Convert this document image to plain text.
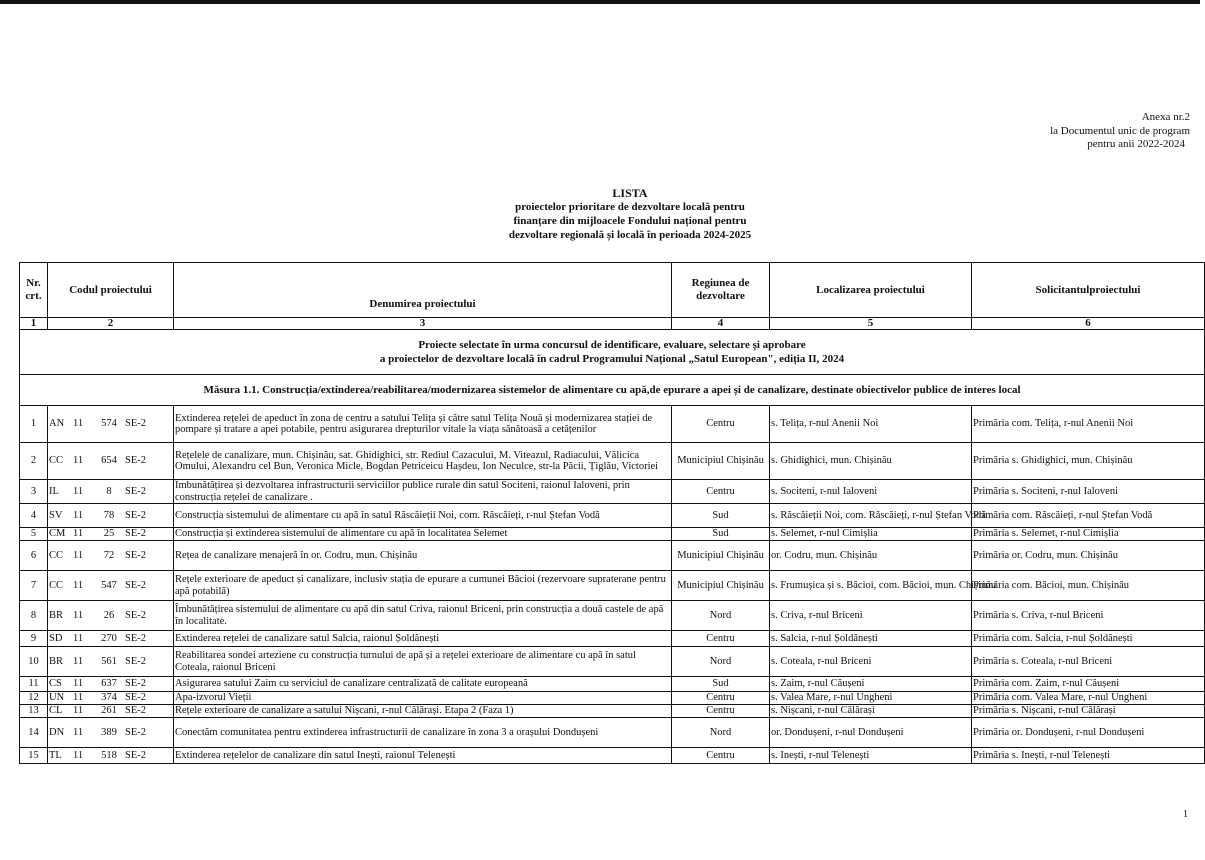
Anexa nr.2
la Documentul unic de program
pentru anii 2022-2024
LISTA
proiectelor prioritare de dezvoltare locală pentru
finanțare din mijloacele Fondului național pentru
dezvoltare regională și locală în perioada 2024-2025
Nr. crt.	Codul proiectului	Denumirea proiectului	Regiunea de dezvoltare	Localizarea proiectului	Solicitantulproiectului
1	2	3	4	5	6

Proiecte selectate în urma concursul de identificare, evaluare, selectare și aprobare
a proiectelor de dezvoltare locală în cadrul Programului Național „Satul European", ediția II, 2024					

Măsura 1.1. Construcția/extinderea/reabilitarea/modernizarea sistemelor de alimentare cu apă,de epurare a apei și de canalizare, destinate obiectivelor publice de interes local					
1	AN 11 574 SE-2	Extinderea rețelei de apeduct în zona de centru a satului Telița și către satul Telița Nouă și modernizarea stației de pompare și tratare a apei potabile, pentru asigurarea drepturilor vitale la viața sănătoasă a cetățenilor	Centru	s. Telița, r-nul Anenii Noi	Primăria com. Telița, r-nul Anenii Noi
2	CC 11 654 SE-2	Rețelele de canalizare, mun. Chișinău, sat. Ghidighici, str. Rediul Cazacului, M. Viteazul, Radiacului, Vălicica Omului, Alexandru cel Bun, Veronica Micle, Bogdan Petriceicu Hașdeu, Ion Neculce, str-la Păcii, Țiglău, Victoriei	Municipiul Chișinău	s. Ghidighici, mun. Chișinău	Primăria s. Ghidighici, mun. Chișinău
3	IL 11 8 SE-2	Îmbunătățirea și dezvoltarea infrastructurii serviciilor publice rurale din satul Sociteni, raionul Ialoveni, prin construcția rețelei de canalizare .	Centru	s. Sociteni, r-nul Ialoveni	Primăria s. Sociteni, r-nul Ialoveni
4	SV 11 78 SE-2	Construcția sistemului de alimentare cu apă în satul Răscăieții Noi, com. Răscăieți, r-nul Ștefan Vodă	Sud	s. Răscăieții Noi, com. Răscăieți, r-nul Ștefan Vodă	Primăria com. Răscăieți, r-nul Ștefan Vodă
5	CM 11 25 SE-2	Construcția și extinderea sistemului de alimentare cu apă în localitatea Selemet	Sud	s. Selemet, r-nul Cimișlia	Primăria s. Selemet, r-nul Cimișlia
6	CC 11 72 SE-2	Rețea de canalizare menajeră în or. Codru, mun. Chișinău	Municipiul Chișinău	or. Codru, mun. Chișinău	Primăria or. Codru, mun. Chișinău
7	CC 11 547 SE-2	Rețele exterioare de apeduct și canalizare, inclusiv stația de epurare a cumunei Băcioi (rezervoare supraterane pentru apă potabilă)	Municipiul Chișinău	s. Frumușica și s. Băcioi, com. Băcioi, mun. Chișinău	Primăria com. Băcioi, mun. Chișinău
8	BR 11 26 SE-2	Îmbunătățirea sistemului de alimentare cu apă din satul Criva, raionul Briceni, prin construcția a două castele de apă în localitate.	Nord	s. Criva, r-nul Briceni	Primăria s. Criva, r-nul Briceni
9	SD 11 270 SE-2	Extinderea rețelei de canalizare satul Salcia, raionul Șoldănești	Centru	s. Salcia, r-nul Șoldănești	Primăria com. Salcia, r-nul Șoldănești
10	BR 11 561 SE-2	Reabilitarea sondei arteziene cu construcția turnului de apă și a rețelei exterioare de alimentare cu apă în satul Coteala, raionul Briceni	Nord	s. Coteala, r-nul Briceni	Primăria s. Coteala, r-nul Briceni
11	CS 11 637 SE-2	Asigurarea satului Zaim cu serviciul de canalizare centralizată de calitate europeană	Sud	s. Zaim, r-nul Căușeni	Primăria com. Zaim, r-nul Căușeni
12	UN 11 374 SE-2	Apa-izvorul Vieții	Centru	s. Valea Mare, r-nul Ungheni	Primăria com. Valea Mare, r-nul Ungheni
13	CL 11 261 SE-2	Rețele exterioare de canalizare a satului Nișcani, r-nul Călărași. Etapa 2 (Faza 1)	Centru	s. Nișcani, r-nul Călărași	Primăria s. Nișcani, r-nul Călărași
14	DN 11 389 SE-2	Conectăm comunitatea pentru extinderea infrastructurii de canalizare în zona 3 a orașului Dondușeni	Nord	or. Dondușeni, r-nul Dondușeni	Primăria or. Dondușeni, r-nul Dondușeni
15	TL 11 518 SE-2	Extinderea rețelelor de canalizare din satul Inești, raionul Telenești	Centru	s. Inești, r-nul Telenești	Primăria s. Inești, r-nul Telenești
1
